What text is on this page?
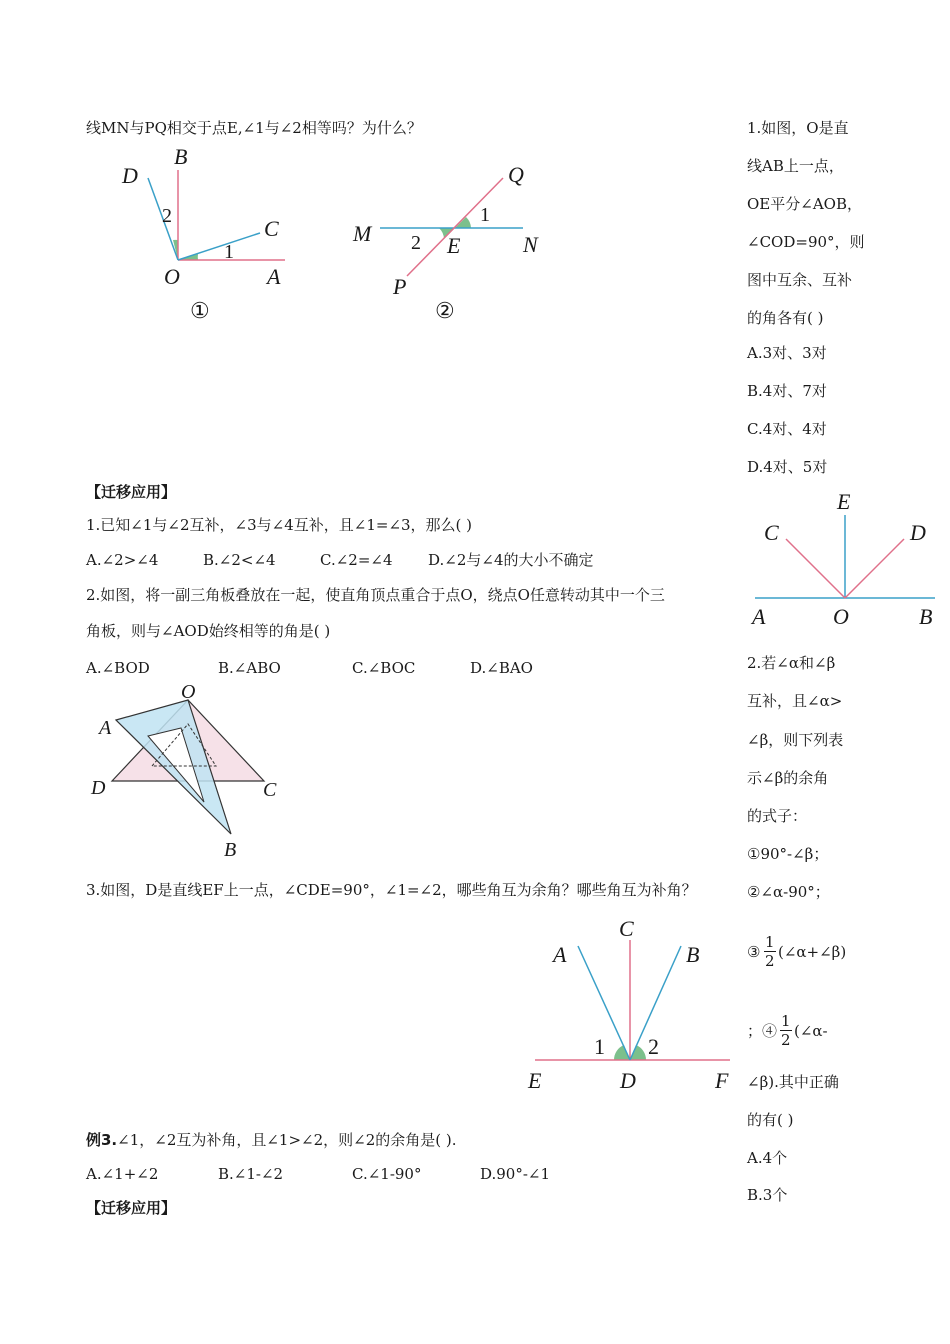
线MN与PQ相交于点E,∠1与∠2相等吗？为什么？
D
B
2	C
1
O	A
①
Q
M
1
2 E	N
P
②
【迁移应用】
1.已知∠1与∠2互补，∠3与∠4互补，且∠1=∠3，那么( )
A.∠2>∠4	B.∠2<∠4	C.∠2=∠4 D.∠2与∠4的大小不确定
2.如图，将一副三角板叠放在一起，使直角顶点重合于点O，绕点O任意转动其中一个三
角板，则与∠AOD始终相等的角是( )
A.∠BOD	B.∠ABO	C.∠BOC	D.∠BAO
O
A
D	C
B
3.如图，D是直线EF上一点，∠CDE=90°，∠1=∠2，哪些角互为余角？哪些角互为补角？
C
A	B
1 2
E	D	F
例3.∠1，∠2互为补角，且∠1>∠2，则∠2的余角是( ).
A.∠1+∠2	B.∠1-∠2	C.∠1-90°	D.90°-∠1
【迁移应用】
1.如图，O是直
线AB上一点，
OE平分∠AOB，
∠COD=90°，则
图中互余、互补
的角各有( )
A.3对、3对
B.4对、7对
C.4对、4对
D.4对、5对
E
C	D
A	O	B
2.若∠α和∠β
互补，且∠α>
∠β，则下列表
示∠β的余角
的式子：
①90°-∠β；
②∠α-90°；
③ $\frac{1}{2}$ (∠α+∠β)
；④ $\frac{1}{2}$ (∠α-
∠β).其中正确
的有( )
A.4个
B.3个
